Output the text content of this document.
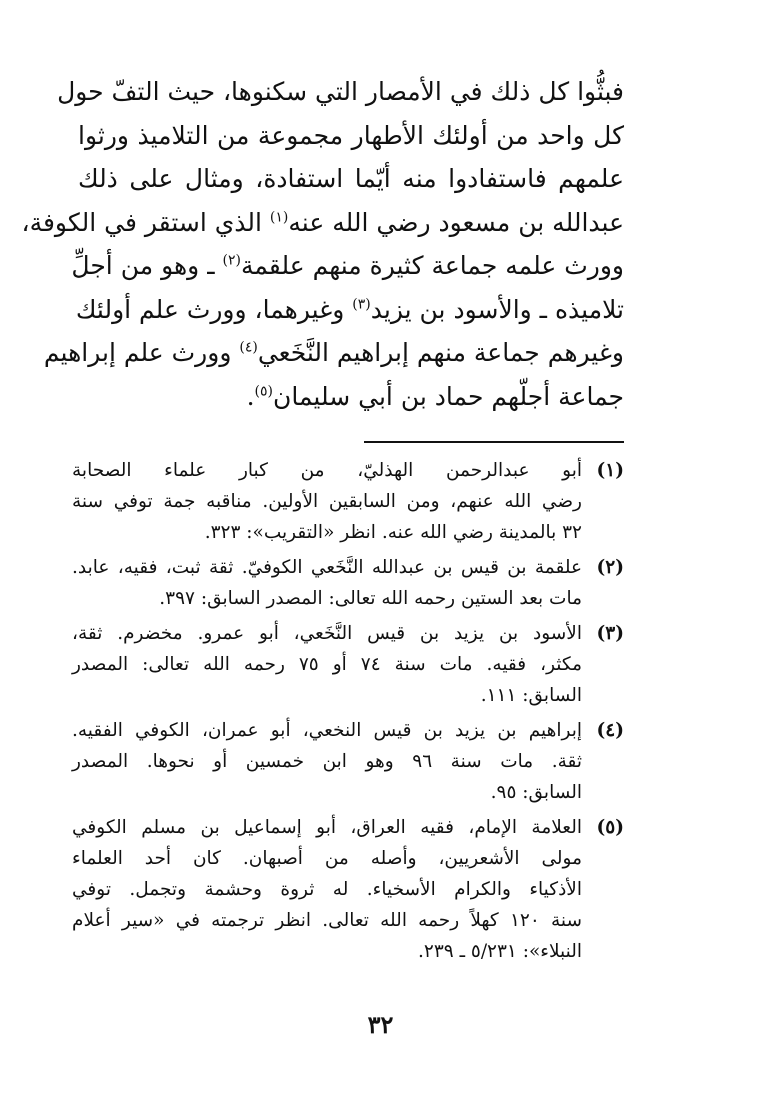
فبثُّوا كل ذلك في الأمصار التي سكنوها، حيث التفّ حول
كل واحد من أولئك الأطهار مجموعة من التلاميذ ورثوا
علمهم فاستفادوا منه أيّما استفادة، ومثال على ذلك
عبدالله بن مسعود رضي الله عنه$^{(١)}$ الذي استقر في الكوفة،
وورث علمه جماعة كثيرة منهم علقمة$^{(٢)}$ ـ وهو من أجلِّ
تلاميذه ـ والأسود بن يزيد$^{(٣)}$ وغيرهما، وورث علم أولئك
وغيرهم جماعة منهم إبراهيم النَّخَعي$^{(٤)}$ وورث علم إبراهيم
جماعة أجلّهم حماد بن أبي سليمان$^{(٥)}$.
(١)
أبو عبدالرحمن الهذليّ، من كبار علماء الصحابة
رضي الله عنهم، ومن السابقين الأولين. مناقبه جمة توفي سنة
٣٢ بالمدينة رضي الله عنه. انظر «التقريب»: ٣٢٣.
(٢)
علقمة بن قيس بن عبدالله النَّخَعي الكوفيّ. ثقة ثبت، فقيه، عابد.
مات بعد الستين رحمه الله تعالى: المصدر السابق: ٣٩٧.
(٣)
الأسود بن يزيد بن قيس النَّخَعي، أبو عمرو. مخضرم. ثقة،
مكثر، فقيه. مات سنة ٧٤ أو ٧٥ رحمه الله تعالى: المصدر
السابق: ١١١.
(٤)
إبراهيم بن يزيد بن قيس النخعي، أبو عمران، الكوفي الفقيه.
ثقة. مات سنة ٩٦ وهو ابن خمسين أو نحوها. المصدر
السابق: ٩٥.
(٥)
العلامة الإمام، فقيه العراق، أبو إسماعيل بن مسلم الكوفي
مولى الأشعريين، وأصله من أصبهان. كان أحد العلماء
الأذكياء والكرام الأسخياء. له ثروة وحشمة وتجمل. توفي
سنة ١٢٠ كهلاً رحمه الله تعالى. انظر ترجمته في «سير أعلام
النبلاء»: ٥/٢٣١ ـ ٢٣٩.
٣٢
